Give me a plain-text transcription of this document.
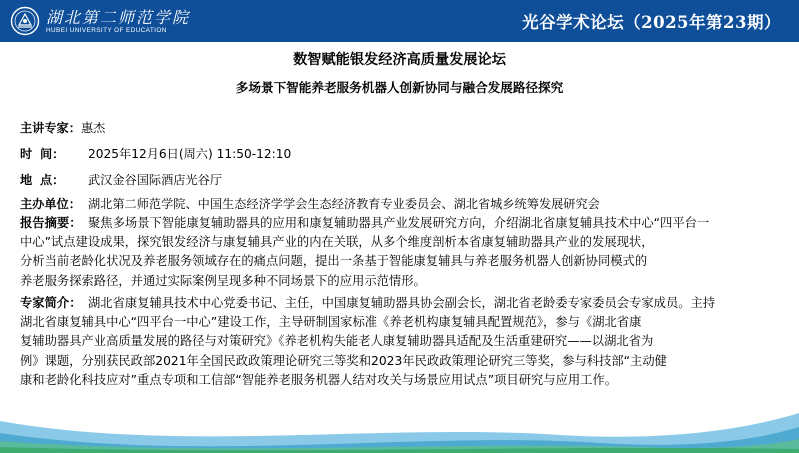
湖北第二师范学院
HUBEI UNIVERSITY OF EDUCATION	光谷学术论坛（2025年第23期）
数智赋能银发经济高质量发展论坛
多场景下智能养老服务机器人创新协同与融合发展路径探究
主讲专家：惠杰
时 间： 2025年12月6日(周六) 11:50-12:10
地 点： 武汉金谷国际酒店光谷厅
主办单位： 湖北第二师范学院、中国生态经济学学会生态经济教育专业委员会、湖北省城乡统筹发展研究会
报告摘要： 聚焦多场景下智能康复辅助器具的应用和康复辅助器具产业发展研究方向，介绍湖北省康复辅具技术中心“四平台一
中心”试点建设成果，探究银发经济与康复辅具产业的内在关联，从多个维度剖析本省康复辅助器具产业的发展现状，
分析当前老龄化状况及养老服务领域存在的痛点问题，提出一条基于智能康复辅具与养老服务机器人创新协同模式的
养老服务探索路径，并通过实际案例呈现多种不同场景下的应用示范情形。
专家简介： 湖北省康复辅具技术中心党委书记、主任，中国康复辅助器具协会副会长，湖北省老龄委专家委员会专家成员。主持
湖北省康复辅具中心“四平台一中心”建设工作，主导研制国家标准《养老机构康复辅具配置规范》，参与《湖北省康
复辅助器具产业高质量发展的路径与对策研究》《养老机构失能老人康复辅助器具适配及生活重建研究——以湖北省为
例》课题，分别获民政部2021年全国民政政策理论研究三等奖和2023年民政政策理论研究三等奖，参与科技部“主动健
康和老龄化科技应对”重点专项和工信部“智能养老服务机器人结对攻关与场景应用试点”项目研究与应用工作。
